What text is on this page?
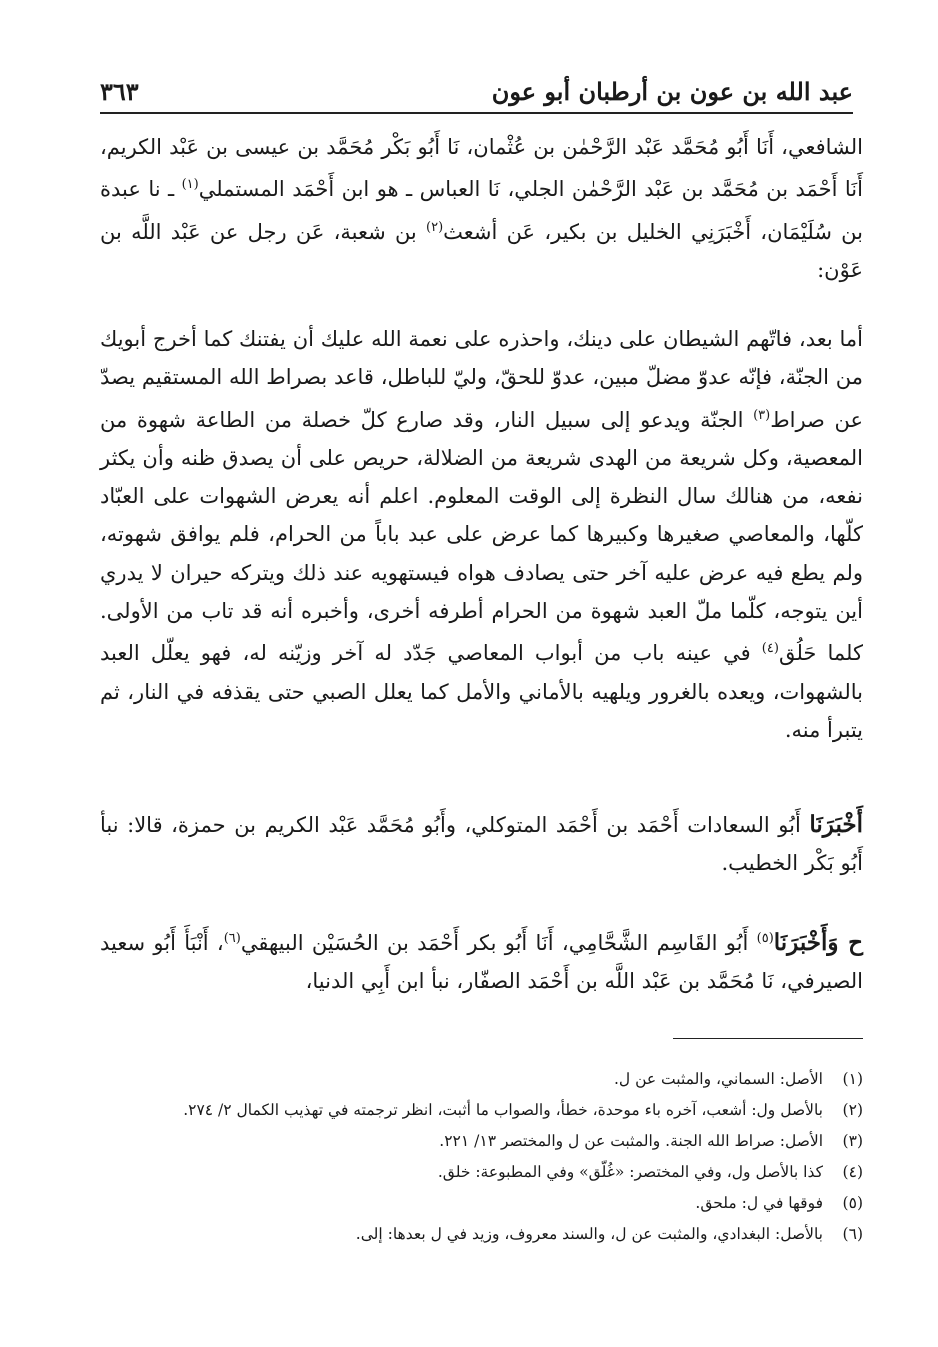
عبد الله بن عون بن أرطبان أبو عون
٣٦٣

الشافعي، أَنَا أَبُو مُحَمَّد عَبْد الرَّحْمٰن بن عُثْمان، نَا أَبُو بَكْر مُحَمَّد بن عيسى بن عَبْد الكريم، أَنَا أَحْمَد بن مُحَمَّد بن عَبْد الرَّحْمٰن الجلي، نَا العباس ـ هو ابن أَحْمَد المستملي$^{(١)}$ ـ نا عبدة بن سُلَيْمَان، أَخْبَرَنِي الخليل بن بكير، عَن أشعث$^{(٢)}$ بن شعبة، عَن رجل عن عَبْد اللَّه بن عَوْن:

أما بعد، فاتّهم الشيطان على دينك، واحذره على نعمة الله عليك أن يفتنك كما أخرج أبويك من الجنّة، فإنّه عدوّ مضلّ مبين، عدوّ للحقّ، وليّ للباطل، قاعد بصراط الله المستقيم يصدّ عن صراط$^{(٣)}$ الجنّة ويدعو إلى سبيل النار، وقد صارع كلّ خصلة من الطاعة شهوة من المعصية، وكل شريعة من الهدى شريعة من الضلالة، حريص على أن يصدق ظنه وأن يكثر نفعه، من هنالك سال النظرة إلى الوقت المعلوم. اعلم أنه يعرض الشهوات على العبّاد كلّها، والمعاصي صغيرها وكبيرها كما عرض على عبد باباً من الحرام، فلم يوافق شهوته، ولم يطع فيه عرض عليه آخر حتى يصادف هواه فيستهويه عند ذلك ويتركه حيران لا يدري أين يتوجه، كلّما ملّ العبد شهوة من الحرام أطرفه أخرى، وأخبره أنه قد تاب من الأولى. كلما حَلُق$^{(٤)}$ في عينه باب من أبواب المعاصي جَدّد له آخر وزيّنه له، فهو يعلّل العبد بالشهوات، ويعده بالغرور ويلهيه بالأماني والأمل كما يعلل الصبي حتى يقذفه في النار، ثم يتبرأ منه.

أَخْبَرَنَا أَبُو السعادات أَحْمَد بن أَحْمَد المتوكلي، وأَبُو مُحَمَّد عَبْد الكريم بن حمزة، قالا: نبأ أَبُو بَكْر الخطيب.

ح وَأَخْبَرَنَا$^{(٥)}$ أَبُو القَاسِم الشَّحَّامِي، أَنَا أَبُو بكر أَحْمَد بن الحُسَيْن البيهقي$^{(٦)}$، أَنْبَأَ أَبُو سعيد الصيرفي، نَا مُحَمَّد بن عَبْد اللَّه بن أَحْمَد الصفّار، نبأ ابن أَبِي الدنيا،

(١)
الأصل: السماني، والمثبت عن ل.
(٢)
بالأصل ول: أشعب، آخره باء موحدة، خطأ، والصواب ما أثبت، انظر ترجمته في تهذيب الكمال ٢/ ٢٧٤.
(٣)
الأصل: صراط الله الجنة. والمثبت عن ل والمختصر ١٣/ ٢٢١.
(٤)
كذا بالأصل ول، وفي المختصر: «غُلّق» وفي المطبوعة: خلق.
(٥)
فوقها في ل: ملحق.
(٦)
بالأصل: البغدادي، والمثبت عن ل، والسند معروف، وزيد في ل بعدها: إلى.
